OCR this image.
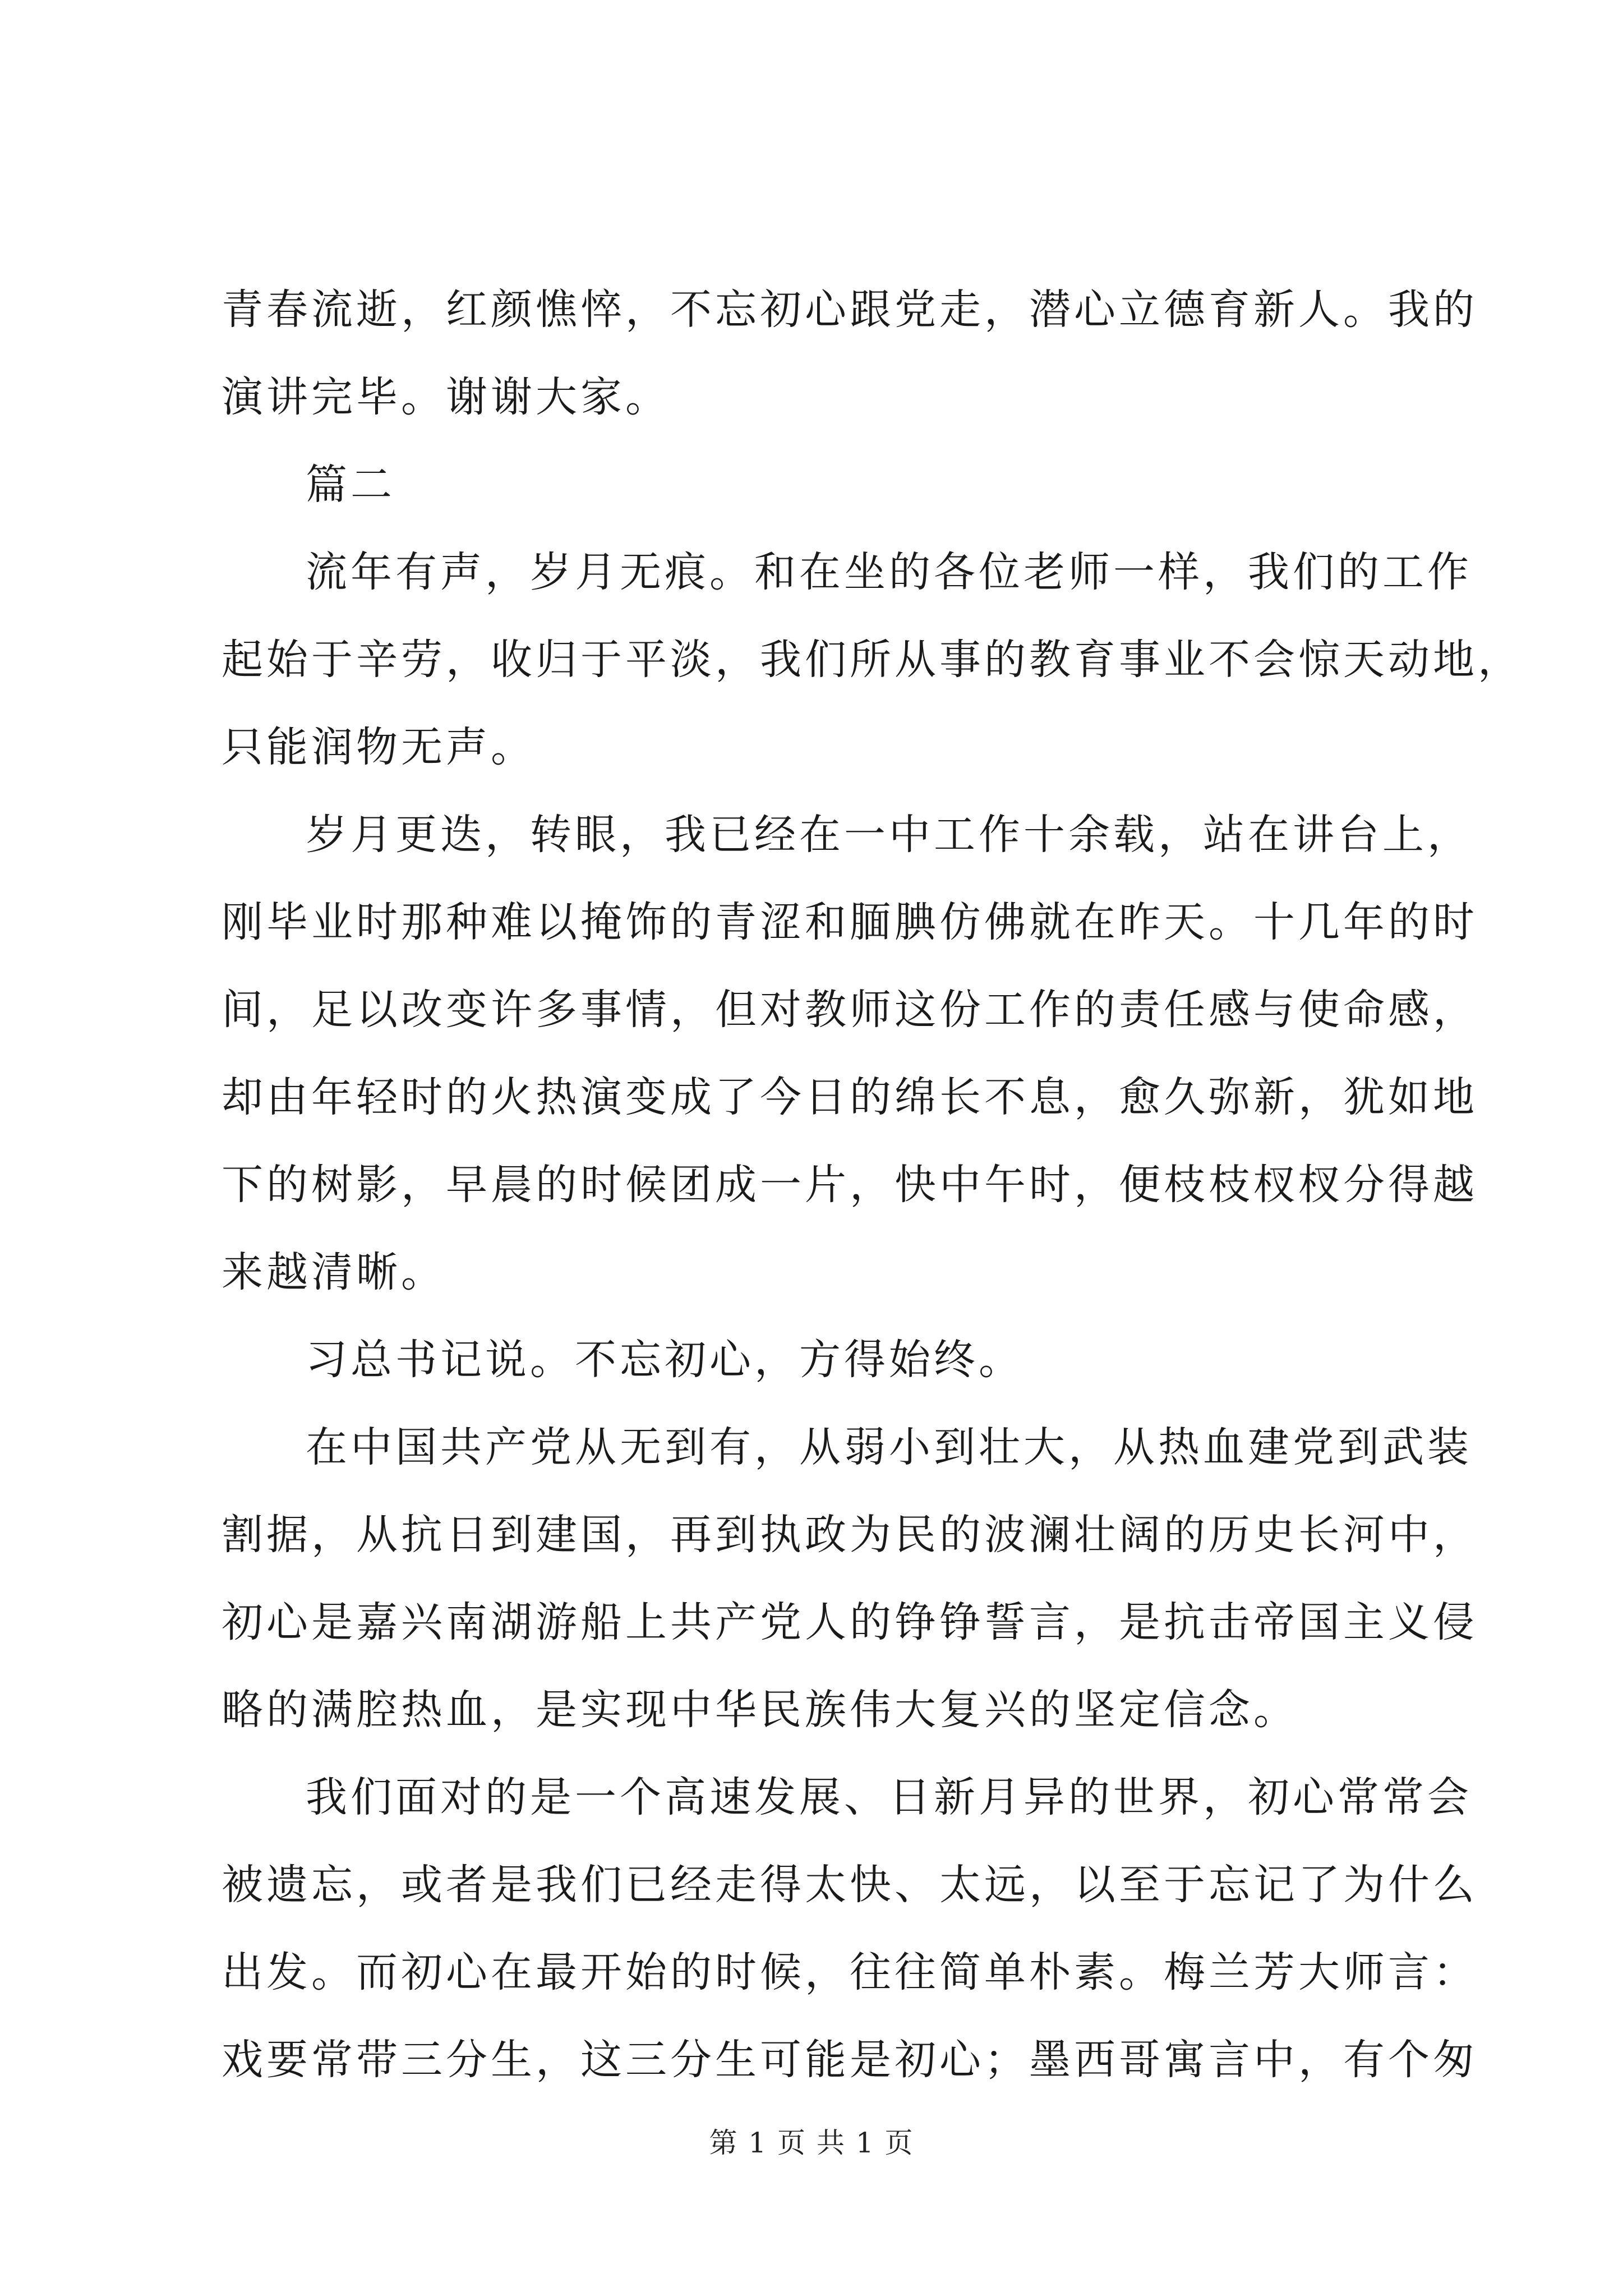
青春流逝，红颜憔悴，不忘初心跟党走，潜心立德育新人。我的
演讲完毕。谢谢大家。
篇二
流年有声，岁月无痕。和在坐的各位老师一样，我们的工作
起始于辛劳，收归于平淡，我们所从事的教育事业不会惊天动地，
只能润物无声。
岁月更迭，转眼，我已经在一中工作十余载，站在讲台上，
刚毕业时那种难以掩饰的青涩和腼腆仿佛就在昨天。十几年的时
间，足以改变许多事情，但对教师这份工作的责任感与使命感，
却由年轻时的火热演变成了今日的绵长不息，愈久弥新，犹如地
下的树影，早晨的时候团成一片，快中午时，便枝枝杈杈分得越
来越清晰。
习总书记说。不忘初心，方得始终。
在中国共产党从无到有，从弱小到壮大，从热血建党到武装
割据，从抗日到建国，再到执政为民的波澜壮阔的历史长河中，
初心是嘉兴南湖游船上共产党人的铮铮誓言，是抗击帝国主义侵
略的满腔热血，是实现中华民族伟大复兴的坚定信念。
我们面对的是一个高速发展、日新月异的世界，初心常常会
被遗忘，或者是我们已经走得太快、太远，以至于忘记了为什么
出发。而初心在最开始的时候，往往简单朴素。梅兰芳大师言：
戏要常带三分生，这三分生可能是初心；墨西哥寓言中，有个匆
第 1 页 共 1 页
